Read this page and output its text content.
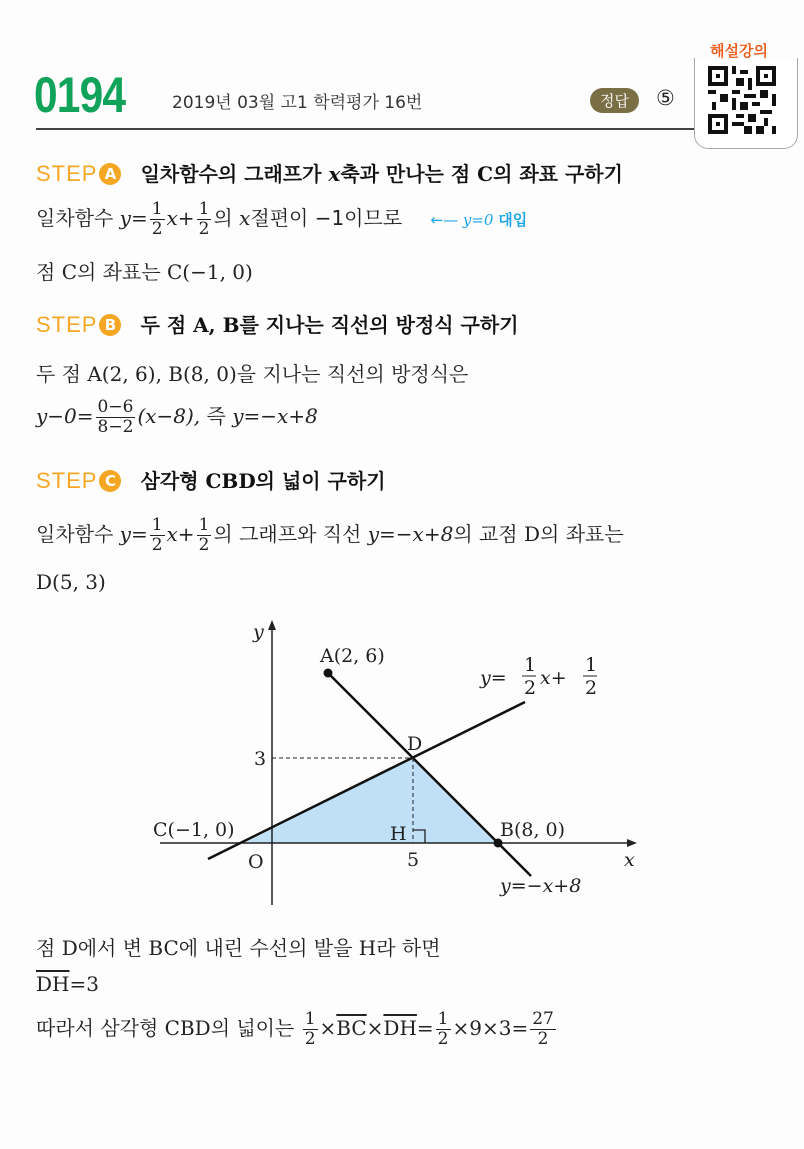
0194	2019년 03월 고1 학력평가 16번	정답	⑤
해설강의
STEP A 일차함수의 그래프가 x축과 만나는 점 C의 좌표 구하기
일차함수 $y= \frac{1}{2} x+ \frac{1}{2}$ 의 x절편이 −1이므로 ←— y=0 대입
점 C의 좌표는 C(−1, 0)
STEP B 두 점 A, B를 지나는 직선의 방정식 구하기
두 점 A(2, 6), B(8, 0)을 지나는 직선의 방정식은
$y-0= \frac{0-6}{8-2} (x-8)$, 즉 y=−x+8
STEP C 삼각형 CBD의 넓이 구하기
일차함수 $y= \frac{1}{2} x+ \frac{1}{2}$ 의 그래프와 직선 y=−x+8의 교점 D의 좌표는
D(5, 3)
y
x
O
A(2, 6)
B(8, 0)
C(−1, 0)
D
H
3
5
y=
1
2 x+
1
2
y=−x+8
점 D에서 변 BC에 내린 수선의 발을 H라 하면
$\overline{DH}=3$
따라서 삼각형 CBD의 넓이는 $\frac{1}{2} \times\overline{BC}\times\overline{DH}= \frac{1}{2} \times 9\times 3= \frac{27}{2}$
